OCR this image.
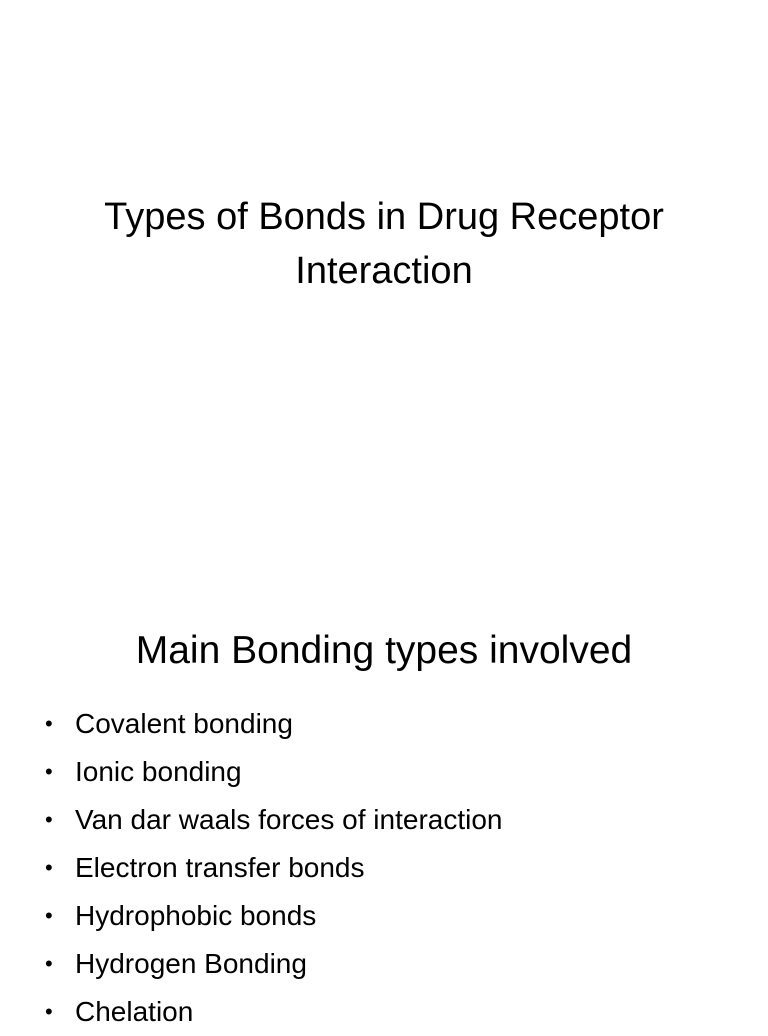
Types of Bonds in Drug Receptor Interaction
Main Bonding types involved
• Covalent bonding
• Ionic bonding
• Van dar waals forces of interaction
• Electron transfer bonds
• Hydrophobic bonds
• Hydrogen Bonding
• Chelation
